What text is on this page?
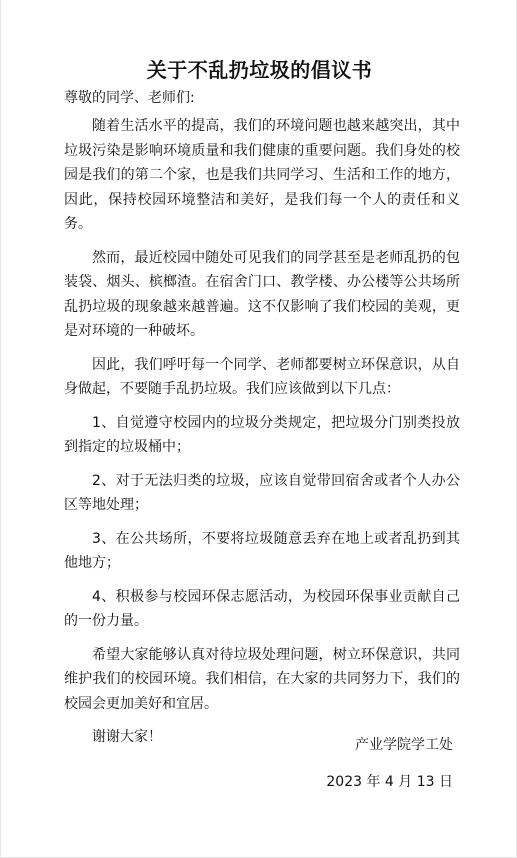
关于不乱扔垃圾的倡议书
尊敬的同学、老师们:

随着生活水平的提高，我们的环境问题也越来越突出，其中垃圾污染是影响环境质量和我们健康的重要问题。我们身处的校园是我们的第二个家，也是我们共同学习、生活和工作的地方，因此，保持校园环境整洁和美好，是我们每一个人的责任和义务。

然而，最近校园中随处可见我们的同学甚至是老师乱扔的包装袋、烟头、槟榔渣。在宿舍门口、教学楼、办公楼等公共场所乱扔垃圾的现象越来越普遍。这不仅影响了我们校园的美观，更是对环境的一种破坏。

因此，我们呼吁每一个同学、老师都要树立环保意识，从自身做起，不要随手乱扔垃圾。我们应该做到以下几点：

1、自觉遵守校园内的垃圾分类规定，把垃圾分门别类投放到指定的垃圾桶中；

2、对于无法归类的垃圾，应该自觉带回宿舍或者个人办公区等地处理；

3、在公共场所，不要将垃圾随意丢弃在地上或者乱扔到其他地方；

4、积极参与校园环保志愿活动，为校园环保事业贡献自己的一份力量。

希望大家能够认真对待垃圾处理问题，树立环保意识，共同维护我们的校园环境。我们相信，在大家的共同努力下，我们的校园会更加美好和宜居。

谢谢大家！	产业学院学工处
2023 年 4 月 13 日
